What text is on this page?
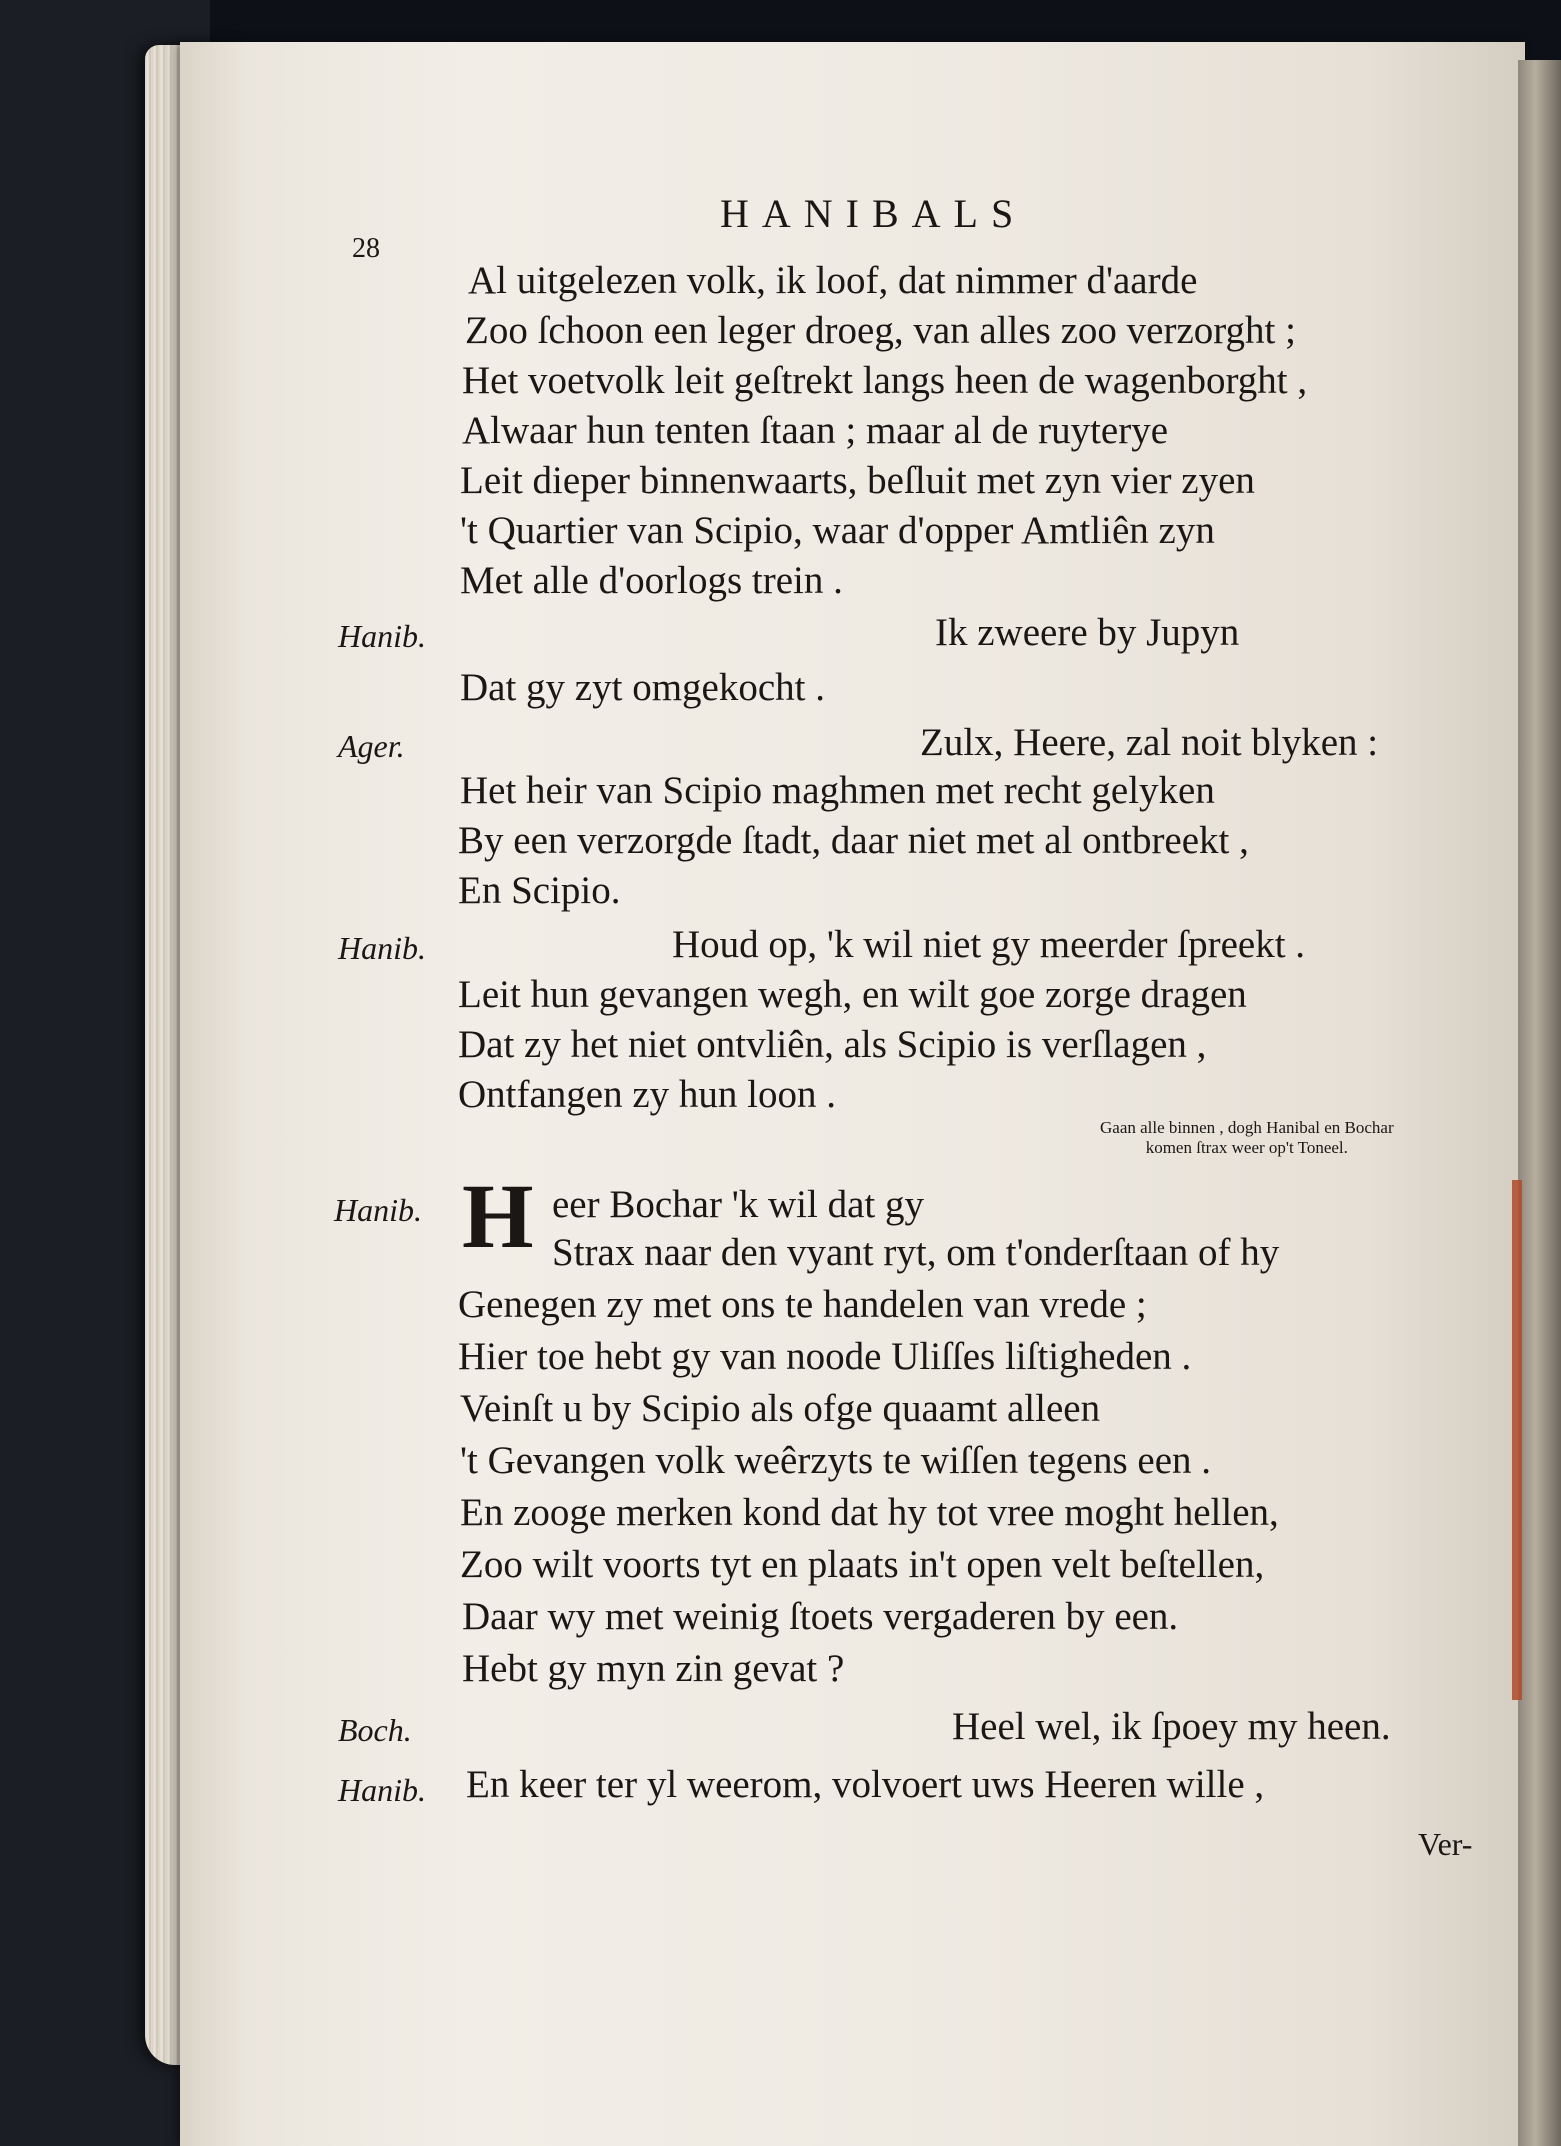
28
HANIBALS
Al uitgelezen volk, ik loof, dat nimmer d'aarde
Zoo ſchoon een leger droeg, van alles zoo verzorght ;
Het voetvolk leit geſtrekt langs heen de wagenborght ,
Alwaar hun tenten ſtaan ; maar al de ruyterye
Leit dieper binnenwaarts, beſluit met zyn vier zyen
't Quartier van Scipio, waar d'opper Amtliên zyn
Met alle d'oorlogs trein .
Hanib.	Ik zweere by Jupyn
Dat gy zyt omgekocht .
Ager.	Zulx, Heere, zal noit blyken :
Het heir van Scipio maghmen met recht gelyken
By een verzorgde ſtadt, daar niet met al ontbreekt ,
En Scipio.
Hanib.	Houd op, 'k wil niet gy meerder ſpreekt .
Leit hun gevangen wegh, en wilt goe zorge dragen
Dat zy het niet ontvliên, als Scipio is verſlagen ,
Ontfangen zy hun loon .
Gaan alle binnen , dogh Hanibal en Bochar
komen ſtrax weer op't Toneel.
Hanib. H eer Bochar 'k wil dat gy
Strax naar den vyant ryt, om t'onderſtaan of hy
Genegen zy met ons te handelen van vrede ;
Hier toe hebt gy van noode Uliſſes liſtigheden .
Veinſt u by Scipio als ofge quaamt alleen
't Gevangen volk weêrzyts te wiſſen tegens een .
En zooge merken kond dat hy tot vree moght hellen,
Zoo wilt voorts tyt en plaats in't open velt beſtellen,
Daar wy met weinig ſtoets vergaderen by een.
Hebt gy myn zin gevat ?
Boch.	Heel wel, ik ſpoey my heen.
Hanib. En keer ter yl weerom, volvoert uws Heeren wille ,
Ver-
